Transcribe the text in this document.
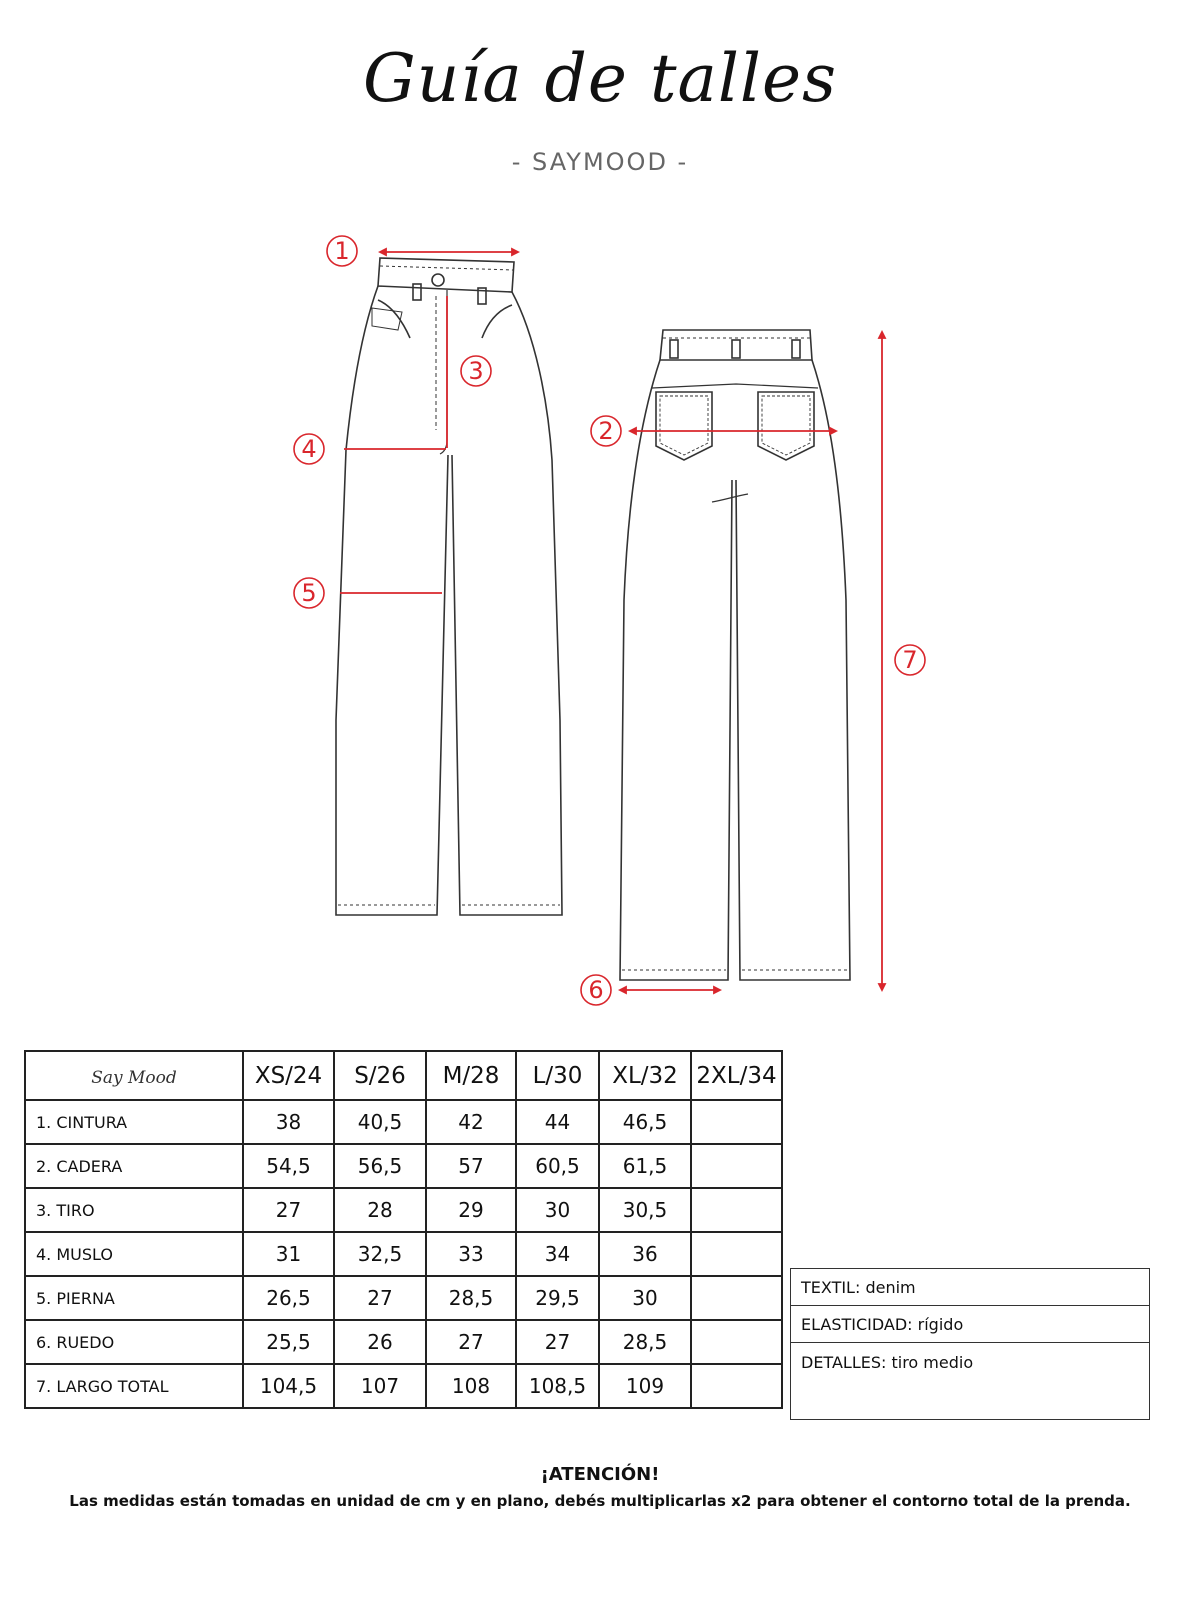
Guía de talles
- SAYMOOD -
1
2
3
4
5
6
7
Say Mood	XS/24	S/26	M/28	L/30	XL/32	2XL/34
1. CINTURA	38	40,5	42	44	46,5	
2. CADERA	54,5	56,5	57	60,5	61,5	
3. TIRO	27	28	29	30	30,5	
4. MUSLO	31	32,5	33	34	36	
5. PIERNA	26,5	27	28,5	29,5	30	
6. RUEDO	25,5	26	27	27	28,5	
7. LARGO TOTAL	104,5	107	108	108,5	109	
TEXTIL: denim
ELASTICIDAD: rígido
DETALLES: tiro medio
¡ATENCIÓN!
Las medidas están tomadas en unidad de cm y en plano, debés multiplicarlas x2 para obtener el contorno total de la prenda.
